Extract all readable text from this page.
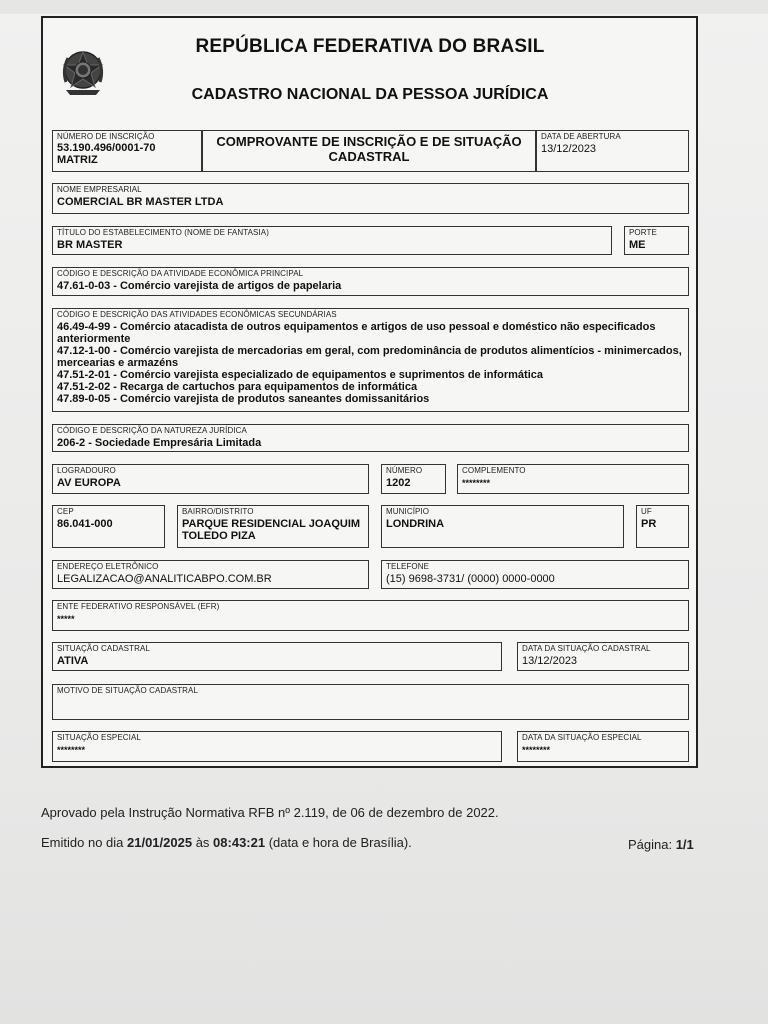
REPÚBLICA FEDERATIVA DO BRASIL
CADASTRO NACIONAL DA PESSOA JURÍDICA
NÚMERO DE INSCRIÇÃO
53.190.496/0001-70
MATRIZ
COMPROVANTE DE INSCRIÇÃO E DE SITUAÇÃO
CADASTRAL
DATA DE ABERTURA
13/12/2023
NOME EMPRESARIAL
COMERCIAL BR MASTER LTDA
TÍTULO DO ESTABELECIMENTO (NOME DE FANTASIA)
BR MASTER
PORTE
ME
CÓDIGO E DESCRIÇÃO DA ATIVIDADE ECONÔMICA PRINCIPAL
47.61-0-03 - Comércio varejista de artigos de papelaria
CÓDIGO E DESCRIÇÃO DAS ATIVIDADES ECONÔMICAS SECUNDÁRIAS
46.49-4-99 - Comércio atacadista de outros equipamentos e artigos de uso pessoal e doméstico não especificados
anteriormente
47.12-1-00 - Comércio varejista de mercadorias em geral, com predominância de produtos alimentícios - minimercados,
mercearias e armazéns
47.51-2-01 - Comércio varejista especializado de equipamentos e suprimentos de informática
47.51-2-02 - Recarga de cartuchos para equipamentos de informática
47.89-0-05 - Comércio varejista de produtos saneantes domissanitários
CÓDIGO E DESCRIÇÃO DA NATUREZA JURÍDICA
206-2 - Sociedade Empresária Limitada
LOGRADOURO
AV EUROPA
NÚMERO
1202
COMPLEMENTO
********
CEP
86.041-000
BAIRRO/DISTRITO
PARQUE RESIDENCIAL JOAQUIM
TOLEDO PIZA
MUNICÍPIO
LONDRINA
UF
PR
ENDEREÇO ELETRÔNICO
LEGALIZACAO@ANALITICABPO.COM.BR
TELEFONE
(15) 9698-3731/ (0000) 0000-0000
ENTE FEDERATIVO RESPONSÁVEL (EFR)
*****
SITUAÇÃO CADASTRAL
ATIVA
DATA DA SITUAÇÃO CADASTRAL
13/12/2023
MOTIVO DE SITUAÇÃO CADASTRAL
SITUAÇÃO ESPECIAL
********
DATA DA SITUAÇÃO ESPECIAL
********
Aprovado pela Instrução Normativa RFB nº 2.119, de 06 de dezembro de 2022.
Emitido no dia 21/01/2025 às 08:43:21 (data e hora de Brasília).	Página: 1/1
